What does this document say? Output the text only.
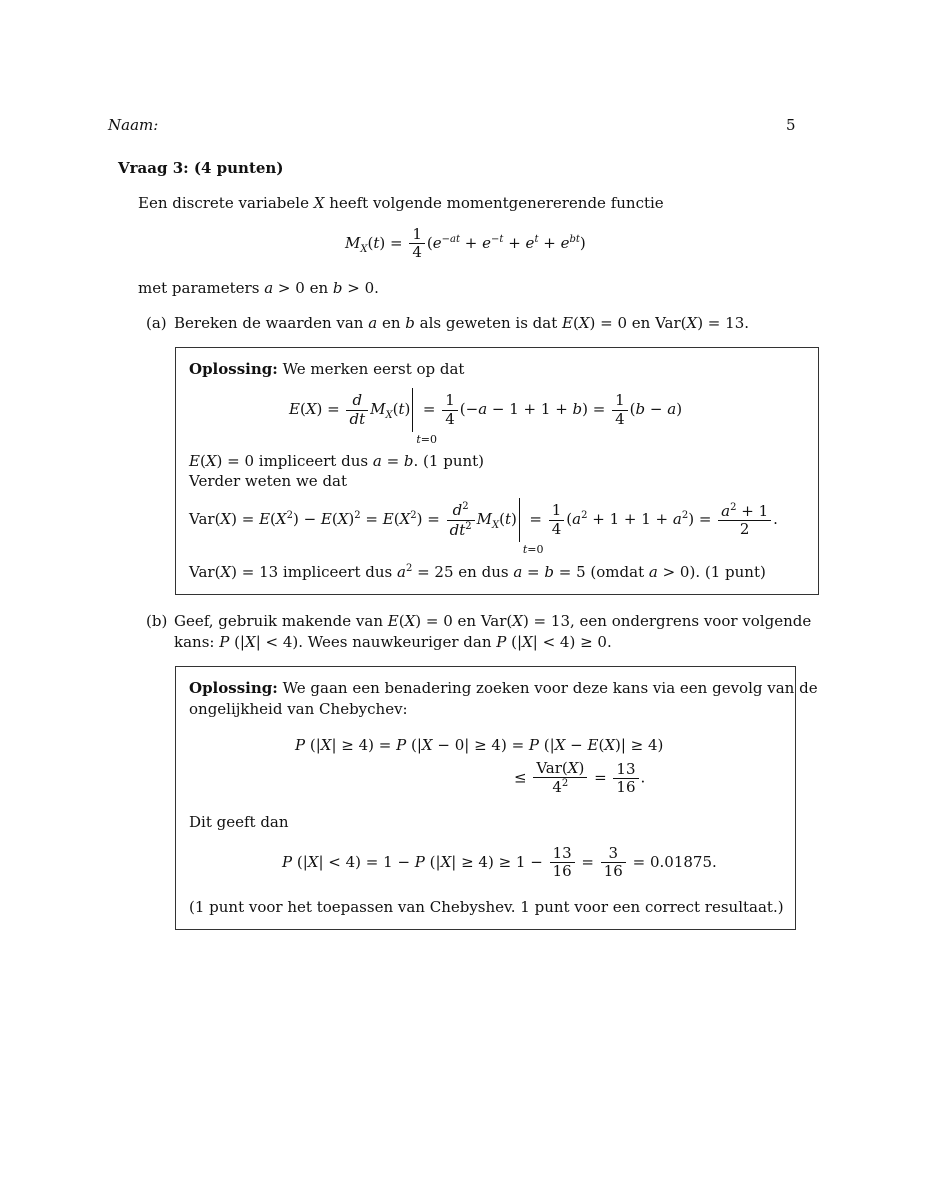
Naam:	5
Vraag 3: (4 punten)
Een discrete variabele X heeft volgende momentgenererende functie
$M_X(t) = \frac{1}{4} (e^{-at} + e^{-t} + e^t + e^{bt})$
met parameters a > 0 en b > 0.
(a) Bereken de waarden van a en b als geweten is dat E(X) = 0 en Var(X) = 13.
Oplossing: We merken eerst op dat
$E(X) = \frac{d}{dt} M_X(t)$
t=0
= $\frac{1}{4} (-a - 1 + 1 + b) = \frac{1}{4} (b - a)$
E(X) = 0 impliceert dus a = b. (1 punt)
Verder weten we dat
$Var(X) = E(X^2) - E(X)^2 = E(X^2) = \frac{d^2}{dt^2} M_X(t)$
t=0
= $\frac{1}{4} (a^2 + 1 + 1 + a^2) = \frac{a^2 + 1}{2}$ .
Var(X) = 13 impliceert dus $a^2 = 25$ en dus a = b = 5 (omdat a > 0). (1 punt)
(b) Geef, gebruik makende van E(X) = 0 en Var(X) = 13, een ondergrens voor volgende
kans: P (|X| < 4). Wees nauwkeuriger dan P (|X| < 4) ≥ 0.
Oplossing: We gaan een benadering zoeken voor deze kans via een gevolg van de
ongelijkheid van Chebychev:
P (|X| ≥ 4) = P (|X − 0| ≥ 4) = P (|X − E(X)| ≥ 4)
≤ $\frac{\text{Var(X)}}{4^2} = \frac{13}{16}$ .
Dit geeft dan
P (|X| < 4) = 1 − P $(|X| \ge 4) \ge 1 - \frac{13}{16} = \frac{3}{16} = 0.01875$.
(1 punt voor het toepassen van Chebyshev. 1 punt voor een correct resultaat.)
